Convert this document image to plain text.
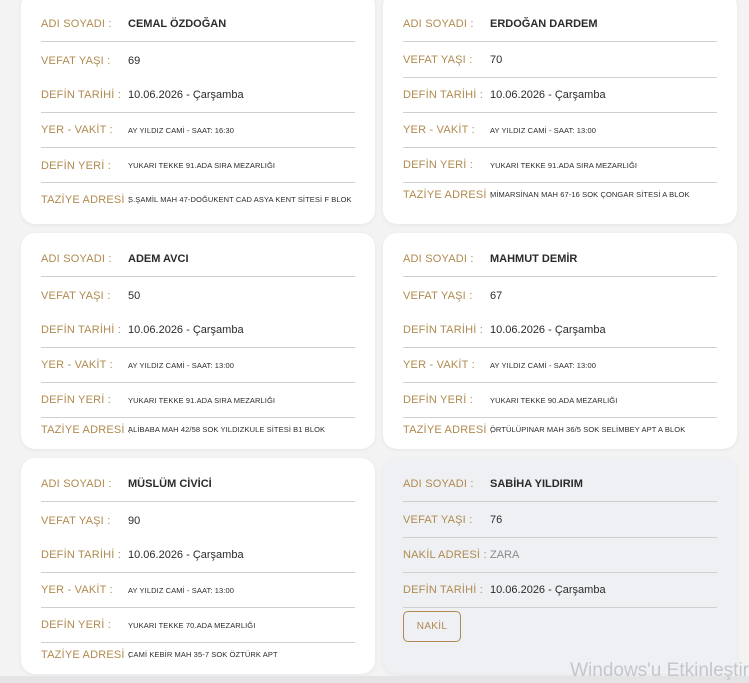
ADI SOYADI : CEMAL ÖZDOĞAN
VEFAT YAŞI : 69
DEFİN TARİHİ : 10.06.2026 - Çarşamba
YER - VAKİT : AY YILDIZ CAMİ - SAAT: 16:30
DEFİN YERİ : YUKARI TEKKE 91.ADA SIRA MEZARLIĞI
TAZİYE ADRESİ :
S.ŞAMİL MAH 47-DOĞUKENT CAD ASYA KENT SİTESİ F BLOK
ADI SOYADI : ERDOĞAN DARDEM
VEFAT YAŞI : 70
DEFİN TARİHİ : 10.06.2026 - Çarşamba
YER - VAKİT : AY YILDIZ CAMİ - SAAT: 13:00
DEFİN YERİ : YUKARI TEKKE 91.ADA SIRA MEZARLIĞI
TAZİYE ADRESİ :
MİMARSİNAN MAH 67-16 SOK ÇONGAR SİTESİ A BLOK
ADI SOYADI : ADEM AVCI
VEFAT YAŞI : 50
DEFİN TARİHİ : 10.06.2026 - Çarşamba
YER - VAKİT : AY YILDIZ CAMİ - SAAT: 13:00
DEFİN YERİ : YUKARI TEKKE 91.ADA SIRA MEZARLIĞI
TAZİYE ADRESİ :
ALİBABA MAH 42/58 SOK YILDIZKULE SİTESİ B1 BLOK
ADI SOYADI : MAHMUT DEMİR
VEFAT YAŞI : 67
DEFİN TARİHİ : 10.06.2026 - Çarşamba
YER - VAKİT : AY YILDIZ CAMİ - SAAT: 13:00
DEFİN YERİ : YUKARI TEKKE 90.ADA MEZARLIĞI
TAZİYE ADRESİ :
ÖRTÜLÜPINAR MAH 36/5 SOK SELİMBEY APT A BLOK
ADI SOYADI : MÜSLÜM CİVİCİ
VEFAT YAŞI : 90
DEFİN TARİHİ : 10.06.2026 - Çarşamba
YER - VAKİT : AY YILDIZ CAMİ - SAAT: 13:00
DEFİN YERİ : YUKARI TEKKE 70.ADA MEZARLIĞI
TAZİYE ADRESİ :
CAMİ KEBİR MAH 35-7 SOK ÖZTÜRK APT
ADI SOYADI : SABİHA YILDIRIM
VEFAT YAŞI : 76
NAKİL ADRESİ : ZARA
DEFİN TARİHİ : 10.06.2026 - Çarşamba
NAKİL
Windows'u Etkinleştir
